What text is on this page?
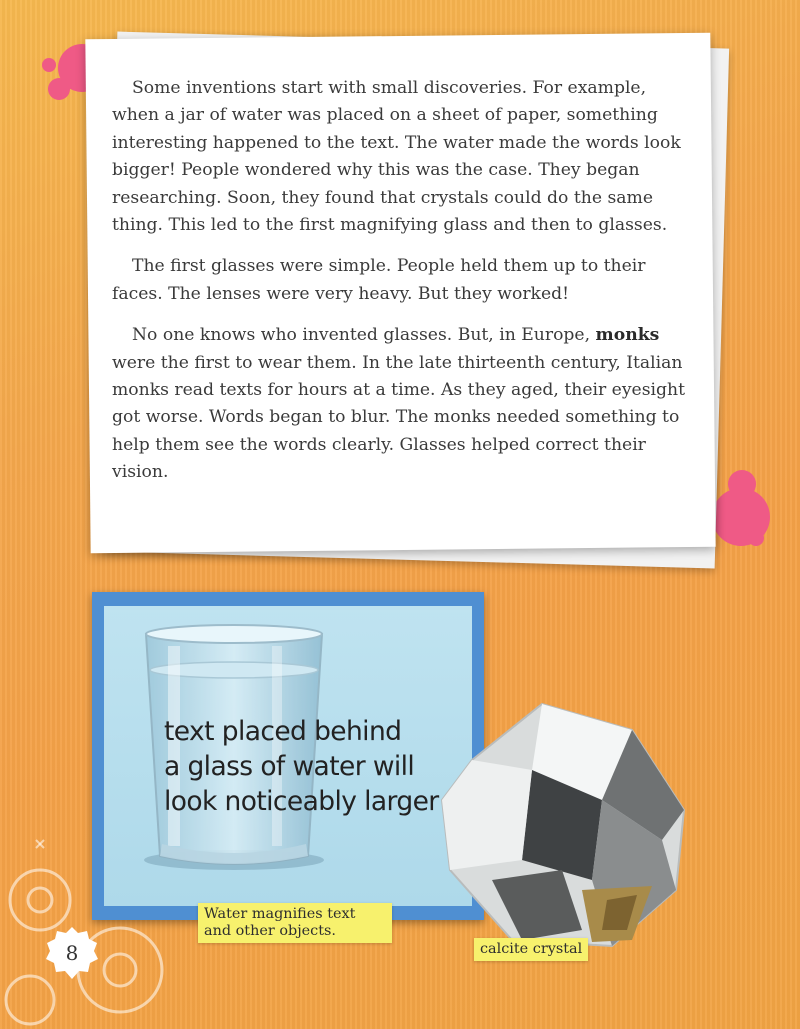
Some inventions start with small discoveries. For example, when a jar of water was placed on a sheet of paper, something interesting happened to the text. The water made the words look bigger! People wondered why this was the case. They began researching. Soon, they found that crystals could do the same thing. This led to the first magnifying glass and then to glasses.

The first glasses were simple. People held them up to their faces. The lenses were very heavy. But they worked!

No one knows who invented glasses. But, in Europe, monks were the first to wear them. In the late thirteenth century, Italian monks read texts for hours at a time. As they aged, their eyesight got worse. Words began to blur. The monks needed something to help them see the words clearly. Glasses helped correct their vision.

text placed behind
a glass of water will
look noticeably larger
Water magnifies text and other objects.
calcite crystal
8
